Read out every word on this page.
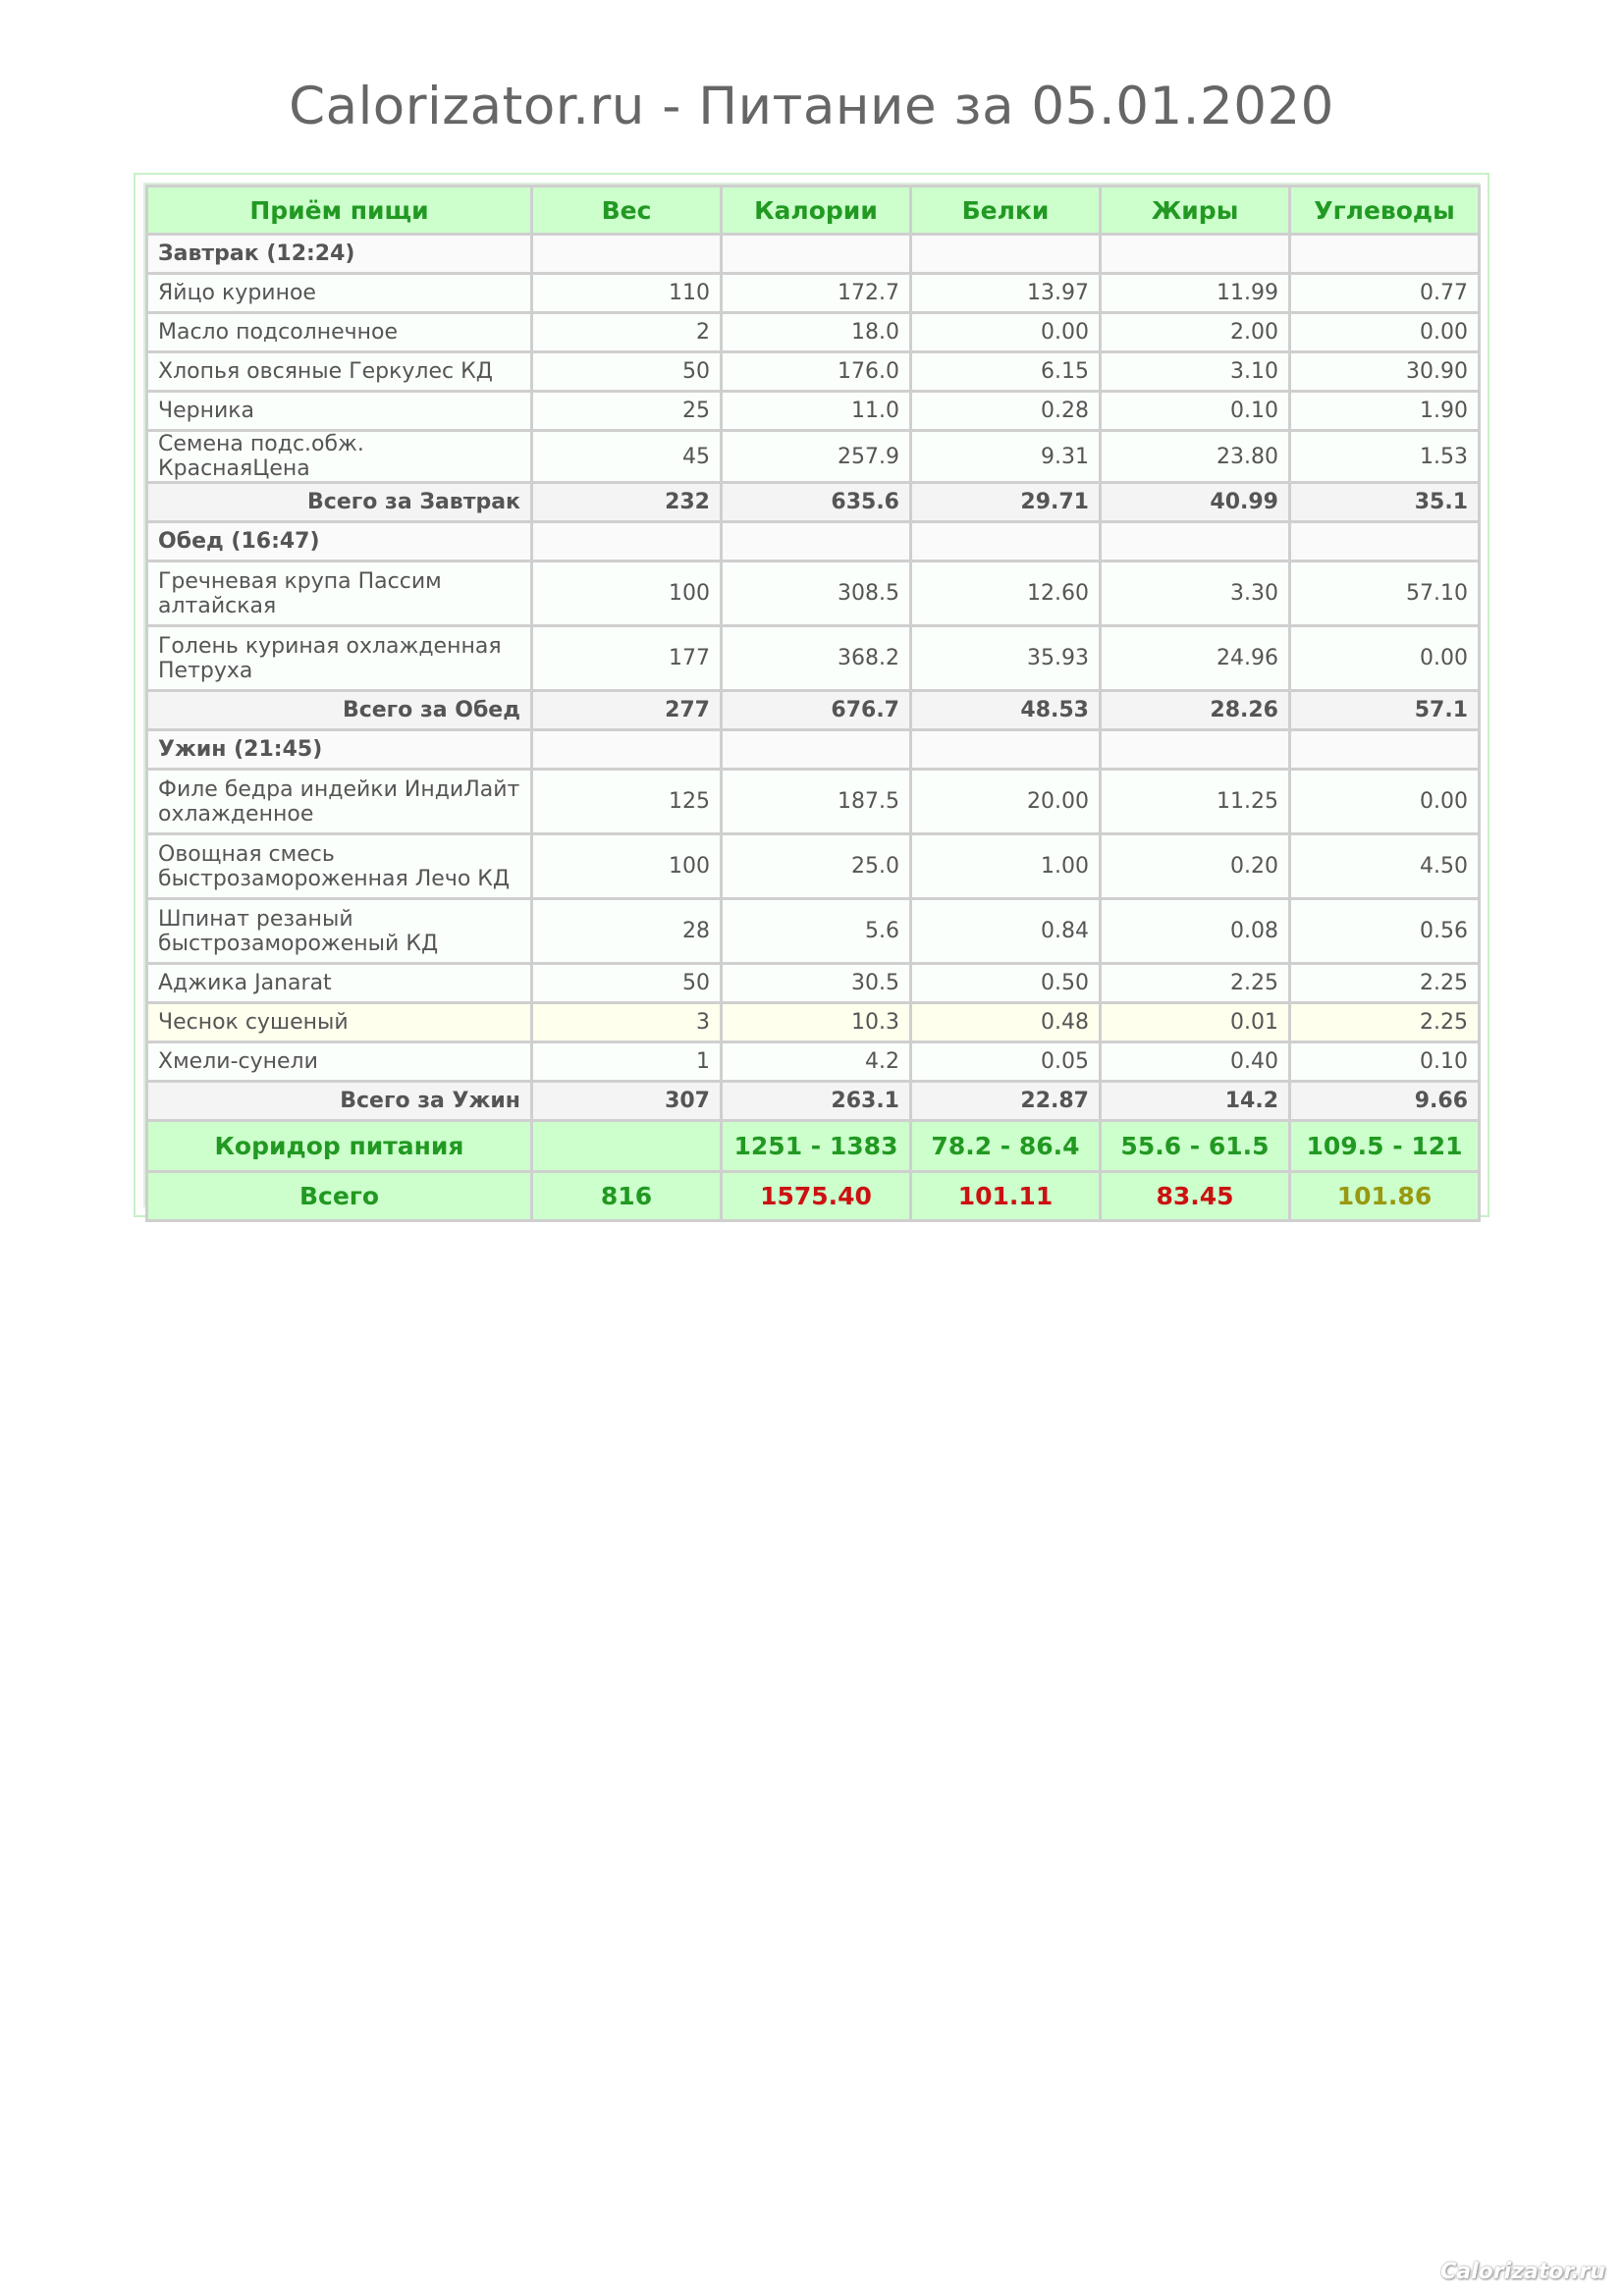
Calorizator.ru - Питание за 05.01.2020
Приём пищи	Вес	Калории	Белки	Жиры	Углеводы
Завтрак (12:24)					
Яйцо куриное	110	172.7	13.97	11.99	0.77
Масло подсолнечное	2	18.0	0.00	2.00	0.00
Хлопья овсяные Геркулес КД	50	176.0	6.15	3.10	30.90
Черника	25	11.0	0.28	0.10	1.90
Семена подс.обж. КраснаяЦена	45	257.9	9.31	23.80	1.53
Всего за Завтрак	232	635.6	29.71	40.99	35.1
Обед (16:47)					
Гречневая крупа Пассим алтайская	100	308.5	12.60	3.30	57.10
Голень куриная охлажденная Петруха	177	368.2	35.93	24.96	0.00
Всего за Обед	277	676.7	48.53	28.26	57.1
Ужин (21:45)					
Филе бедра индейки ИндиЛайт охлажденное	125	187.5	20.00	11.25	0.00
Овощная смесь быстрозамороженная Лечо КД	100	25.0	1.00	0.20	4.50
Шпинат резаный быстрозамороженый КД	28	5.6	0.84	0.08	0.56
Аджика Janarat	50	30.5	0.50	2.25	2.25
Чеснок сушеный	3	10.3	0.48	0.01	2.25
Хмели-сунели	1	4.2	0.05	0.40	0.10
Всего за Ужин	307	263.1	22.87	14.2	9.66
Коридор питания		1251 - 1383	78.2 - 86.4	55.6 - 61.5	109.5 - 121
Всего	816	1575.40	101.11	83.45	101.86
Calorizator.ru
